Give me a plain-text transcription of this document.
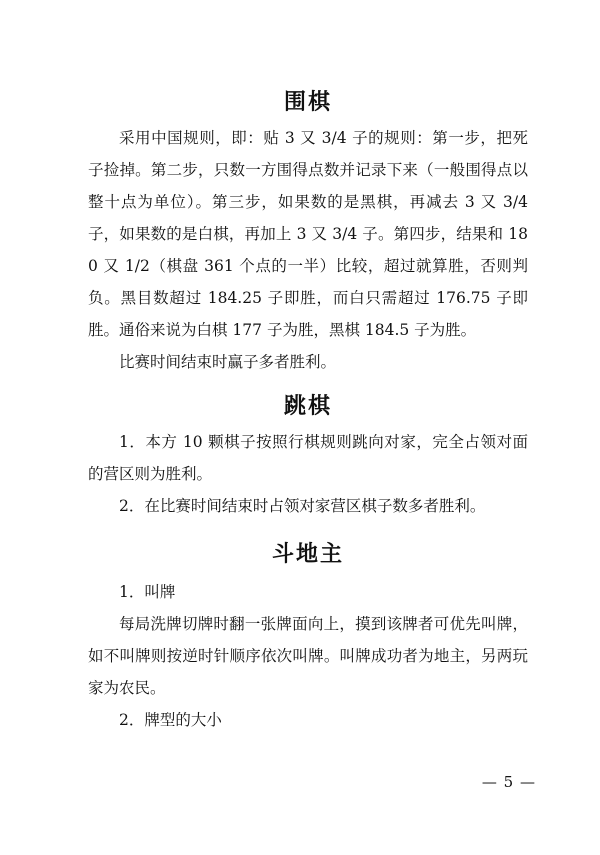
围棋

采用中国规则，即：贴 3 又 3/4 子的规则：第一步，把死子捡掉。第二步，只数一方围得点数并记录下来（一般围得点以整十点为单位）。第三步，如果数的是黑棋，再减去 3 又 3/4 子，如果数的是白棋，再加上 3 又 3/4 子。第四步，结果和 180 又 1/2（棋盘 361 个点的一半）比较，超过就算胜，否则判负。黑目数超过 184.25 子即胜，而白只需超过 176.75 子即胜。通俗来说为白棋 177 子为胜，黑棋 184.5 子为胜。

比赛时间结束时赢子多者胜利。

跳棋

1．本方 10 颗棋子按照行棋规则跳向对家，完全占领对面的营区则为胜利。

2．在比赛时间结束时占领对家营区棋子数多者胜利。

斗地主

1．叫牌

每局洗牌切牌时翻一张牌面向上，摸到该牌者可优先叫牌，如不叫牌则按逆时针顺序依次叫牌。叫牌成功者为地主，另两玩家为农民。

2．牌型的大小

— 5 —
